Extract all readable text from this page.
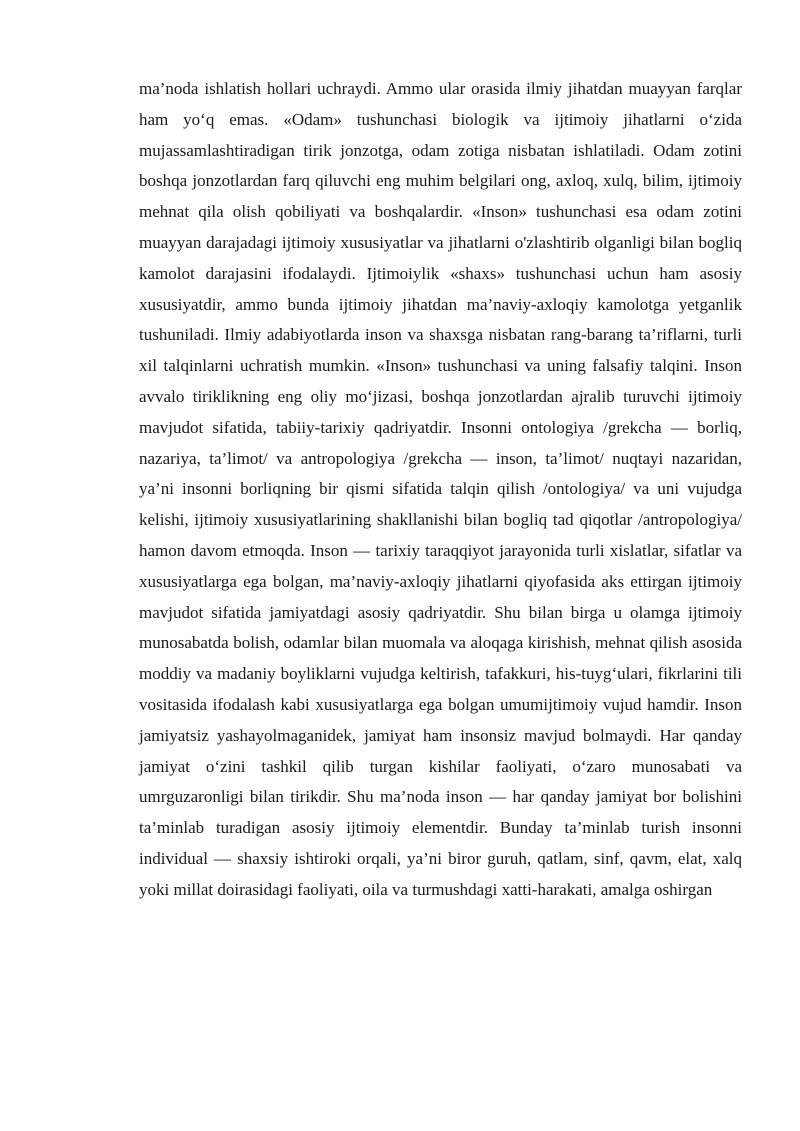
ma’noda ishlatish hollari uchraydi. Ammo ular orasida ilmiy jihatdan muayyan farqlar ham yo‘q emas. «Odam» tushunchasi biologik va ijtimoiy jihatlarni o‘zida mujassamlashtiradigan tirik jonzotga, odam zotiga nisbatan ishlatiladi. Odam zotini boshqa jonzotlardan farq qiluvchi eng muhim belgilari ong, axloq, xulq, bilim, ijtimoiy mehnat qila olish qobiliyati va boshqalardir. «Inson» tushunchasi esa odam zotini muayyan darajadagi ijtimoiy xususiyatlar va jihatlarni o'zlashtirib olganligi bilan bogliq kamolot darajasini ifodalaydi. Ijtimoiylik «shaxs» tushunchasi uchun ham asosiy xususiyatdir, ammo bunda ijtimoiy jihatdan ma’naviy-axloqiy kamolotga yetganlik tushuniladi. Ilmiy adabiyotlarda inson va shaxsga nisbatan rang-barang ta’riflarni, turli xil talqinlarni uchratish mumkin. «Inson» tushunchasi va uning falsafiy talqini. Inson avvalo tiriklikning eng oliy mo‘jizasi, boshqa jonzotlardan ajralib turuvchi ijtimoiy mavjudot sifatida, tabiiy-tarixiy qadriyatdir. Insonni ontologiya /grekcha — borliq, nazariya, ta’limot/ va antropologiya /grekcha — inson, ta’limot/ nuqtayi nazaridan, ya’ni insonni borliqning bir qismi sifatida talqin qilish /ontologiya/ va uni vujudga kelishi, ijtimoiy xususiyatlarining shakllanishi bilan bogliq tad qiqotlar /antropologiya/ hamon davom etmoqda. Inson — tarixiy taraqqiyot jarayonida turli xislatlar, sifatlar va xususiyatlarga ega bolgan, ma’naviy-axloqiy jihatlarni qiyofasida aks ettirgan ijtimoiy mavjudot sifatida jamiyatdagi asosiy qadriyatdir. Shu bilan birga u olamga ijtimoiy munosabatda bolish, odamlar bilan muomala va aloqaga kirishish, mehnat qilish asosida moddiy va madaniy boyliklarni vujudga keltirish, tafakkuri, his-tuyg‘ulari, fikrlarini tili vositasida ifodalash kabi xususiyatlarga ega bolgan umumijtimoiy vujud hamdir. Inson jamiyatsiz yashayolmaganidek, jamiyat ham insonsiz mavjud bolmaydi. Har qanday jamiyat o‘zini tashkil qilib turgan kishilar faoliyati, o‘zaro munosabati va umrguzaronligi bilan tirikdir. Shu ma’noda inson — har qanday jamiyat bor bolishini ta’minlab turadigan asosiy ijtimoiy elementdir. Bunday ta’minlab turish insonni individual — shaxsiy ishtiroki orqali, ya’ni biror guruh, qatlam, sinf, qavm, elat, xalq yoki millat doirasidagi faoliyati, oila va turmushdagi xatti-harakati, amalga oshirgan
